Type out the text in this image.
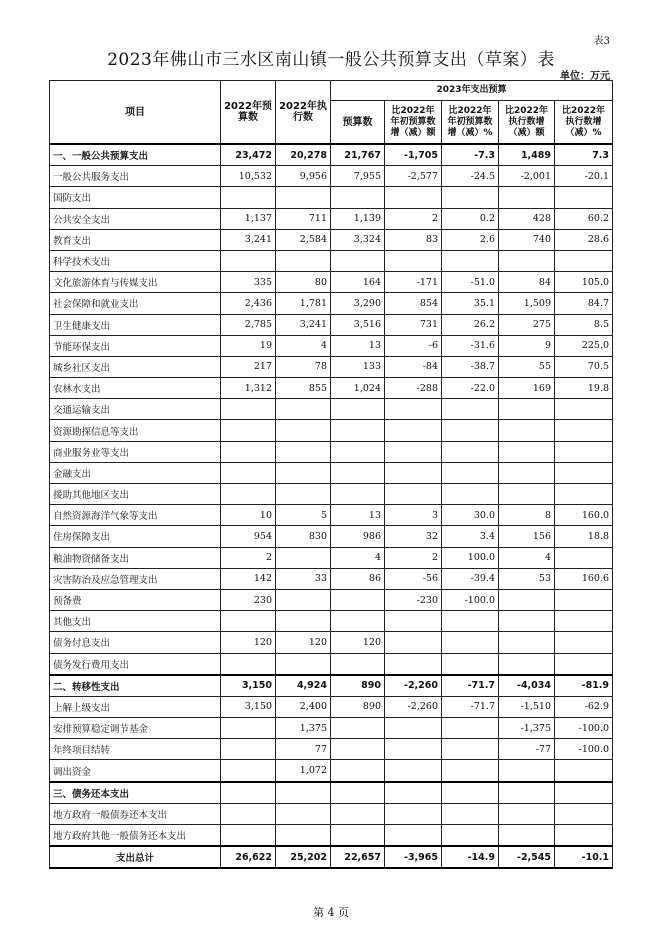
表3
2023年佛山市三水区南山镇一般公共预算支出（草案）表
单位：万元
项目	2022年预算数	2022年执行数	2023年支出预算				
			预算数	比2022年年初预算数增（减）额	比2022年年初预算数增（减）%	比2022年执行数增（减）额	比2022年执行数增（减）%
一、一般公共预算支出	23,472	20,278	21,767	-1,705	-7.3	1,489	7.3
一般公共服务支出	10,532	9,956	7,955	-2,577	-24.5	-2,001	-20.1
国防支出							
公共安全支出	1,137	711	1,139	2	0.2	428	60.2
教育支出	3,241	2,584	3,324	83	2.6	740	28.6
科学技术支出							
文化旅游体育与传媒支出	335	80	164	-171	-51.0	84	105.0
社会保障和就业支出	2,436	1,781	3,290	854	35.1	1,509	84.7
卫生健康支出	2,785	3,241	3,516	731	26.2	275	8.5
节能环保支出	19	4	13	-6	-31.6	9	225.0
城乡社区支出	217	78	133	-84	-38.7	55	70.5
农林水支出	1,312	855	1,024	-288	-22.0	169	19.8
交通运输支出							
资源勘探信息等支出							
商业服务业等支出							
金融支出							
援助其他地区支出							
自然资源海洋气象等支出	10	5	13	3	30.0	8	160.0
住房保障支出	954	830	986	32	3.4	156	18.8
粮油物资储备支出	2		4	2	100.0	4	
灾害防治及应急管理支出	142	33	86	-56	-39.4	53	160.6
预备费	230			-230	-100.0		
其他支出							
债务付息支出	120	120	120				
债务发行费用支出							
二、转移性支出	3,150	4,924	890	-2,260	-71.7	-4,034	-81.9
上解上级支出	3,150	2,400	890	-2,260	-71.7	-1,510	-62.9
安排预算稳定调节基金		1,375				-1,375	-100.0
年终项目结转		77				-77	-100.0
调出资金		1,072					
三、债务还本支出							
地方政府一般债券还本支出							
地方政府其他一般债务还本支出							
支出总计	26,622	25,202	22,657	-3,965	-14.9	-2,545	-10.1
第 4 页
